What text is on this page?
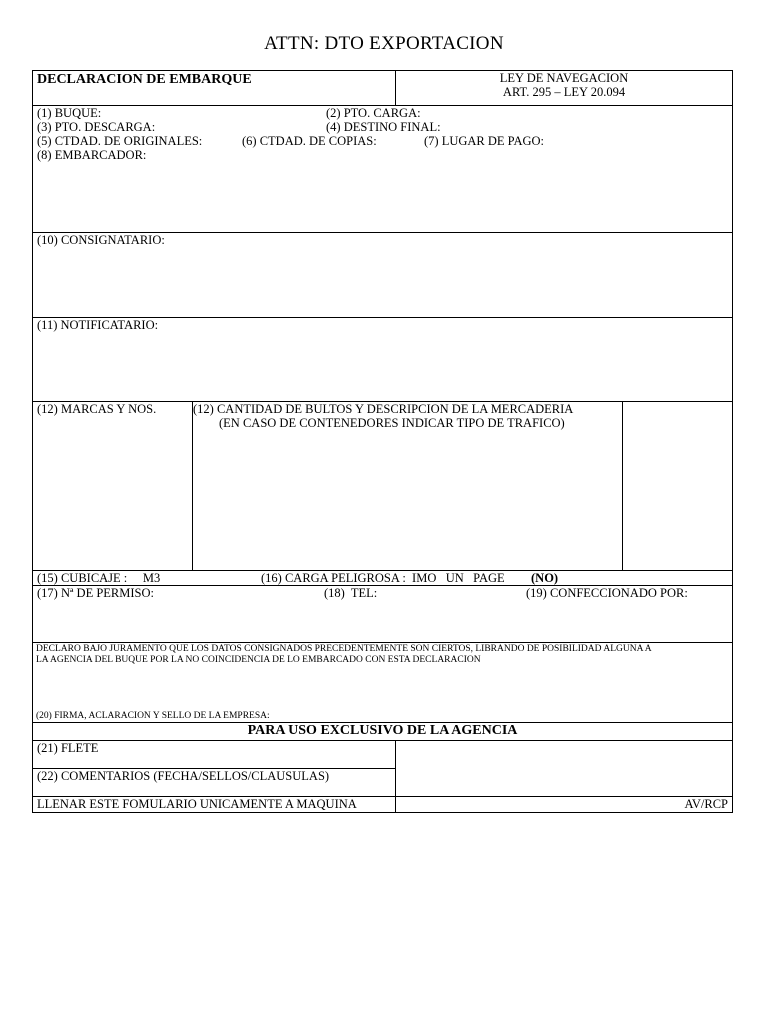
ATTN: DTO EXPORTACION
DECLARACION DE EMBARQUE	LEY DE NAVEGACION
ART. 295 – LEY 20.094
(1) BUQUE:	(2) PTO. CARGA:
(3) PTO. DESCARGA:	(4) DESTINO FINAL:
(5) CTDAD. DE ORIGINALES:	(6) CTDAD. DE COPIAS:	(7) LUGAR DE PAGO:
(8) EMBARCADOR:
(10) CONSIGNATARIO:
(11) NOTIFICATARIO:
(12) MARCAS Y NOS.	(12) CANTIDAD DE BULTOS Y DESCRIPCION DE LA MERCADERIA
(EN CASO DE CONTENEDORES INDICAR TIPO DE TRAFICO)
(15) CUBICAJE :     M3	(16) CARGA PELIGROSA :  IMO   UN   PAGE (NO)
(17) Nª DE PERMISO:	(18)  TEL:	(19) CONFECCIONADO POR:
DECLARO BAJO JURAMENTO QUE LOS DATOS CONSIGNADOS PRECEDENTEMENTE SON CIERTOS, LIBRANDO DE POSIBILIDAD ALGUNA A
LA AGENCIA DEL BUQUE POR LA NO COINCIDENCIA DE LO EMBARCADO CON ESTA DECLARACION
(20) FIRMA, ACLARACION Y SELLO DE LA EMPRESA:
PARA USO EXCLUSIVO DE LA AGENCIA
(21) FLETE
(22) COMENTARIOS (FECHA/SELLOS/CLAUSULAS)
LLENAR ESTE FOMULARIO UNICAMENTE A MAQUINA	AV/RCP
